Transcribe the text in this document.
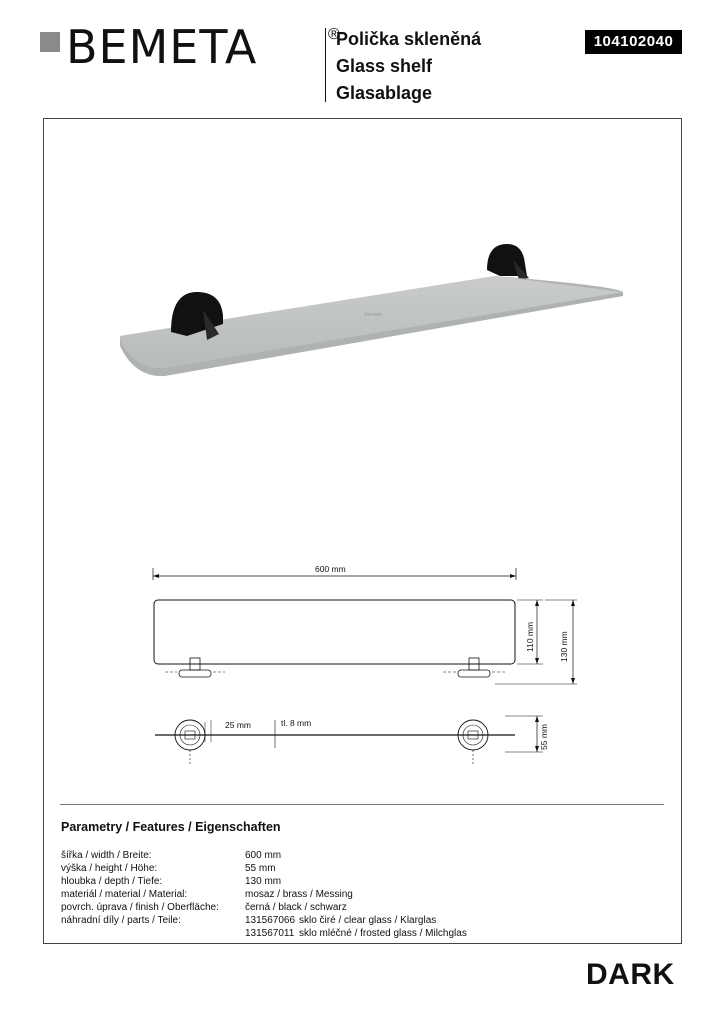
BEMETA	®
Polička skleněná
Glass shelf
Glasablage
104102040
bemeta
600 mm
110 mm	130 mm
25 mm	tl. 8 mm
55 mm
Parametry / Features / Eigenschaften
šířka / width / Breite:	600 mm
výška / height / Höhe:	55 mm
hloubka / depth / Tiefe:	130 mm
materiál / material / Material:	mosaz / brass / Messing
povrch. úprava / finish / Oberfläche:	černá / black / schwarz
náhradní díly / parts / Teile:	131567066 sklo čiré / clear glass / Klarglas
131567011 sklo mléčné / frosted glass / Milchglas
DARK
